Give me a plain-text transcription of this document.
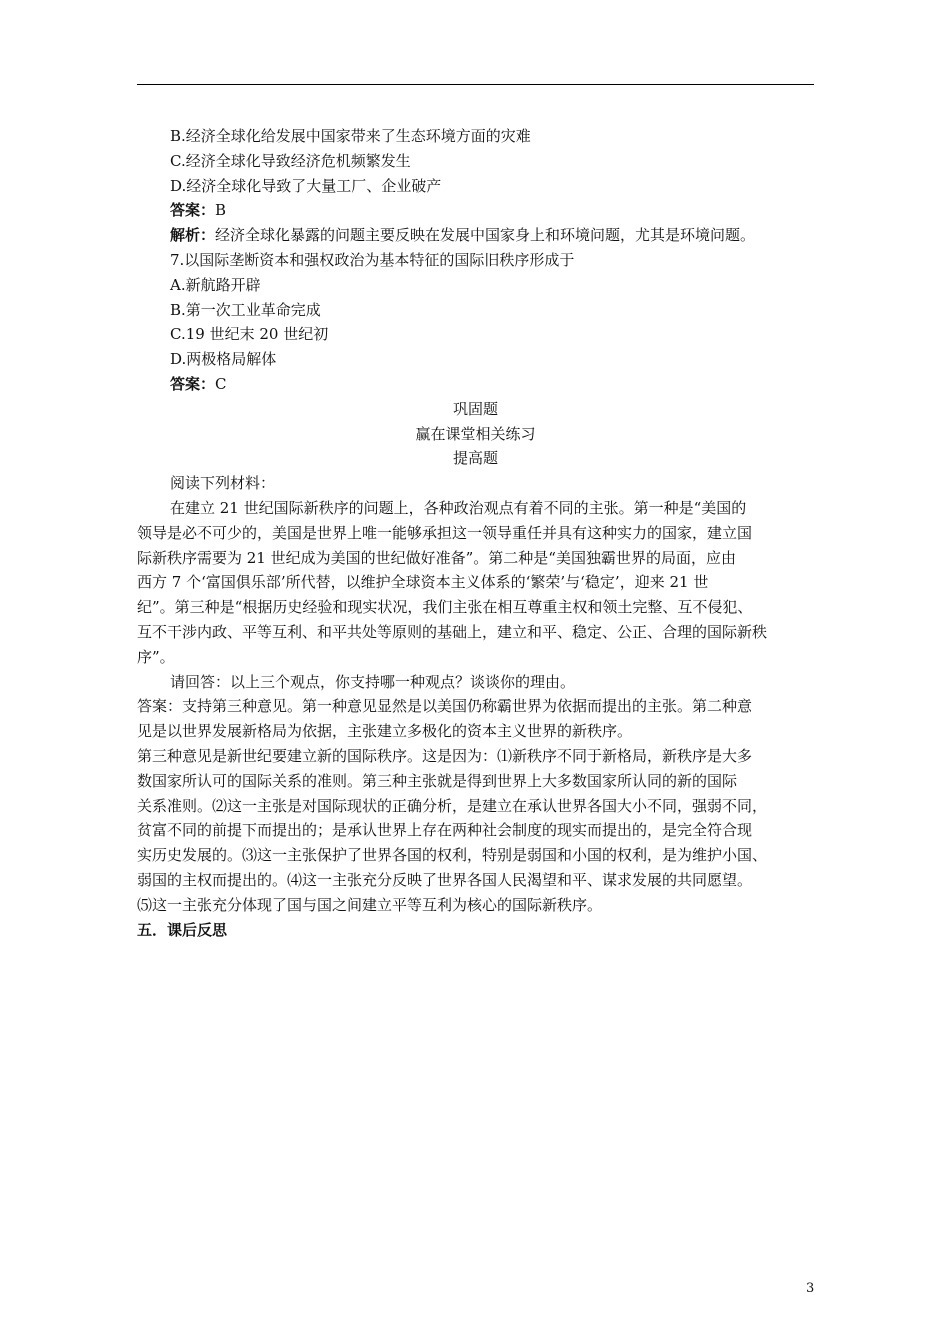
B.经济全球化给发展中国家带来了生态环境方面的灾难
C.经济全球化导致经济危机频繁发生
D.经济全球化导致了大量工厂、企业破产
答案：B
解析：经济全球化暴露的问题主要反映在发展中国家身上和环境问题，尤其是环境问题。
7.以国际垄断资本和强权政治为基本特征的国际旧秩序形成于
A.新航路开辟
B.第一次工业革命完成
C.19 世纪末 20 世纪初
D.两极格局解体
答案：C
巩固题
赢在课堂相关练习
提高题
阅读下列材料：
在建立 21 世纪国际新秩序的问题上，各种政治观点有着不同的主张。第一种是“美国的
领导是必不可少的，美国是世界上唯一能够承担这一领导重任并具有这种实力的国家，建立国
际新秩序需要为 21 世纪成为美国的世纪做好准备”。第二种是“美国独霸世界的局面，应由
西方 7 个‘富国俱乐部’所代替，以维护全球资本主义体系的‘繁荣’与‘稳定’，迎来 21 世
纪”。第三种是“根据历史经验和现实状况，我们主张在相互尊重主权和领土完整、互不侵犯、
互不干涉内政、平等互利、和平共处等原则的基础上，建立和平、稳定、公正、合理的国际新秩
序”。
请回答：以上三个观点，你支持哪一种观点？谈谈你的理由。
答案：支持第三种意见。第一种意见显然是以美国仍称霸世界为依据而提出的主张。第二种意
见是以世界发展新格局为依据，主张建立多极化的资本主义世界的新秩序。
第三种意见是新世纪要建立新的国际秩序。这是因为：⑴新秩序不同于新格局，新秩序是大多
数国家所认可的国际关系的准则。第三种主张就是得到世界上大多数国家所认同的新的国际
关系准则。⑵这一主张是对国际现状的正确分析，是建立在承认世界各国大小不同，强弱不同，
贫富不同的前提下而提出的；是承认世界上存在两种社会制度的现实而提出的，是完全符合现
实历史发展的。⑶这一主张保护了世界各国的权利，特别是弱国和小国的权利，是为维护小国、
弱国的主权而提出的。⑷这一主张充分反映了世界各国人民渴望和平、谋求发展的共同愿望。
⑸这一主张充分体现了国与国之间建立平等互利为核心的国际新秩序。
五．课后反思
3
